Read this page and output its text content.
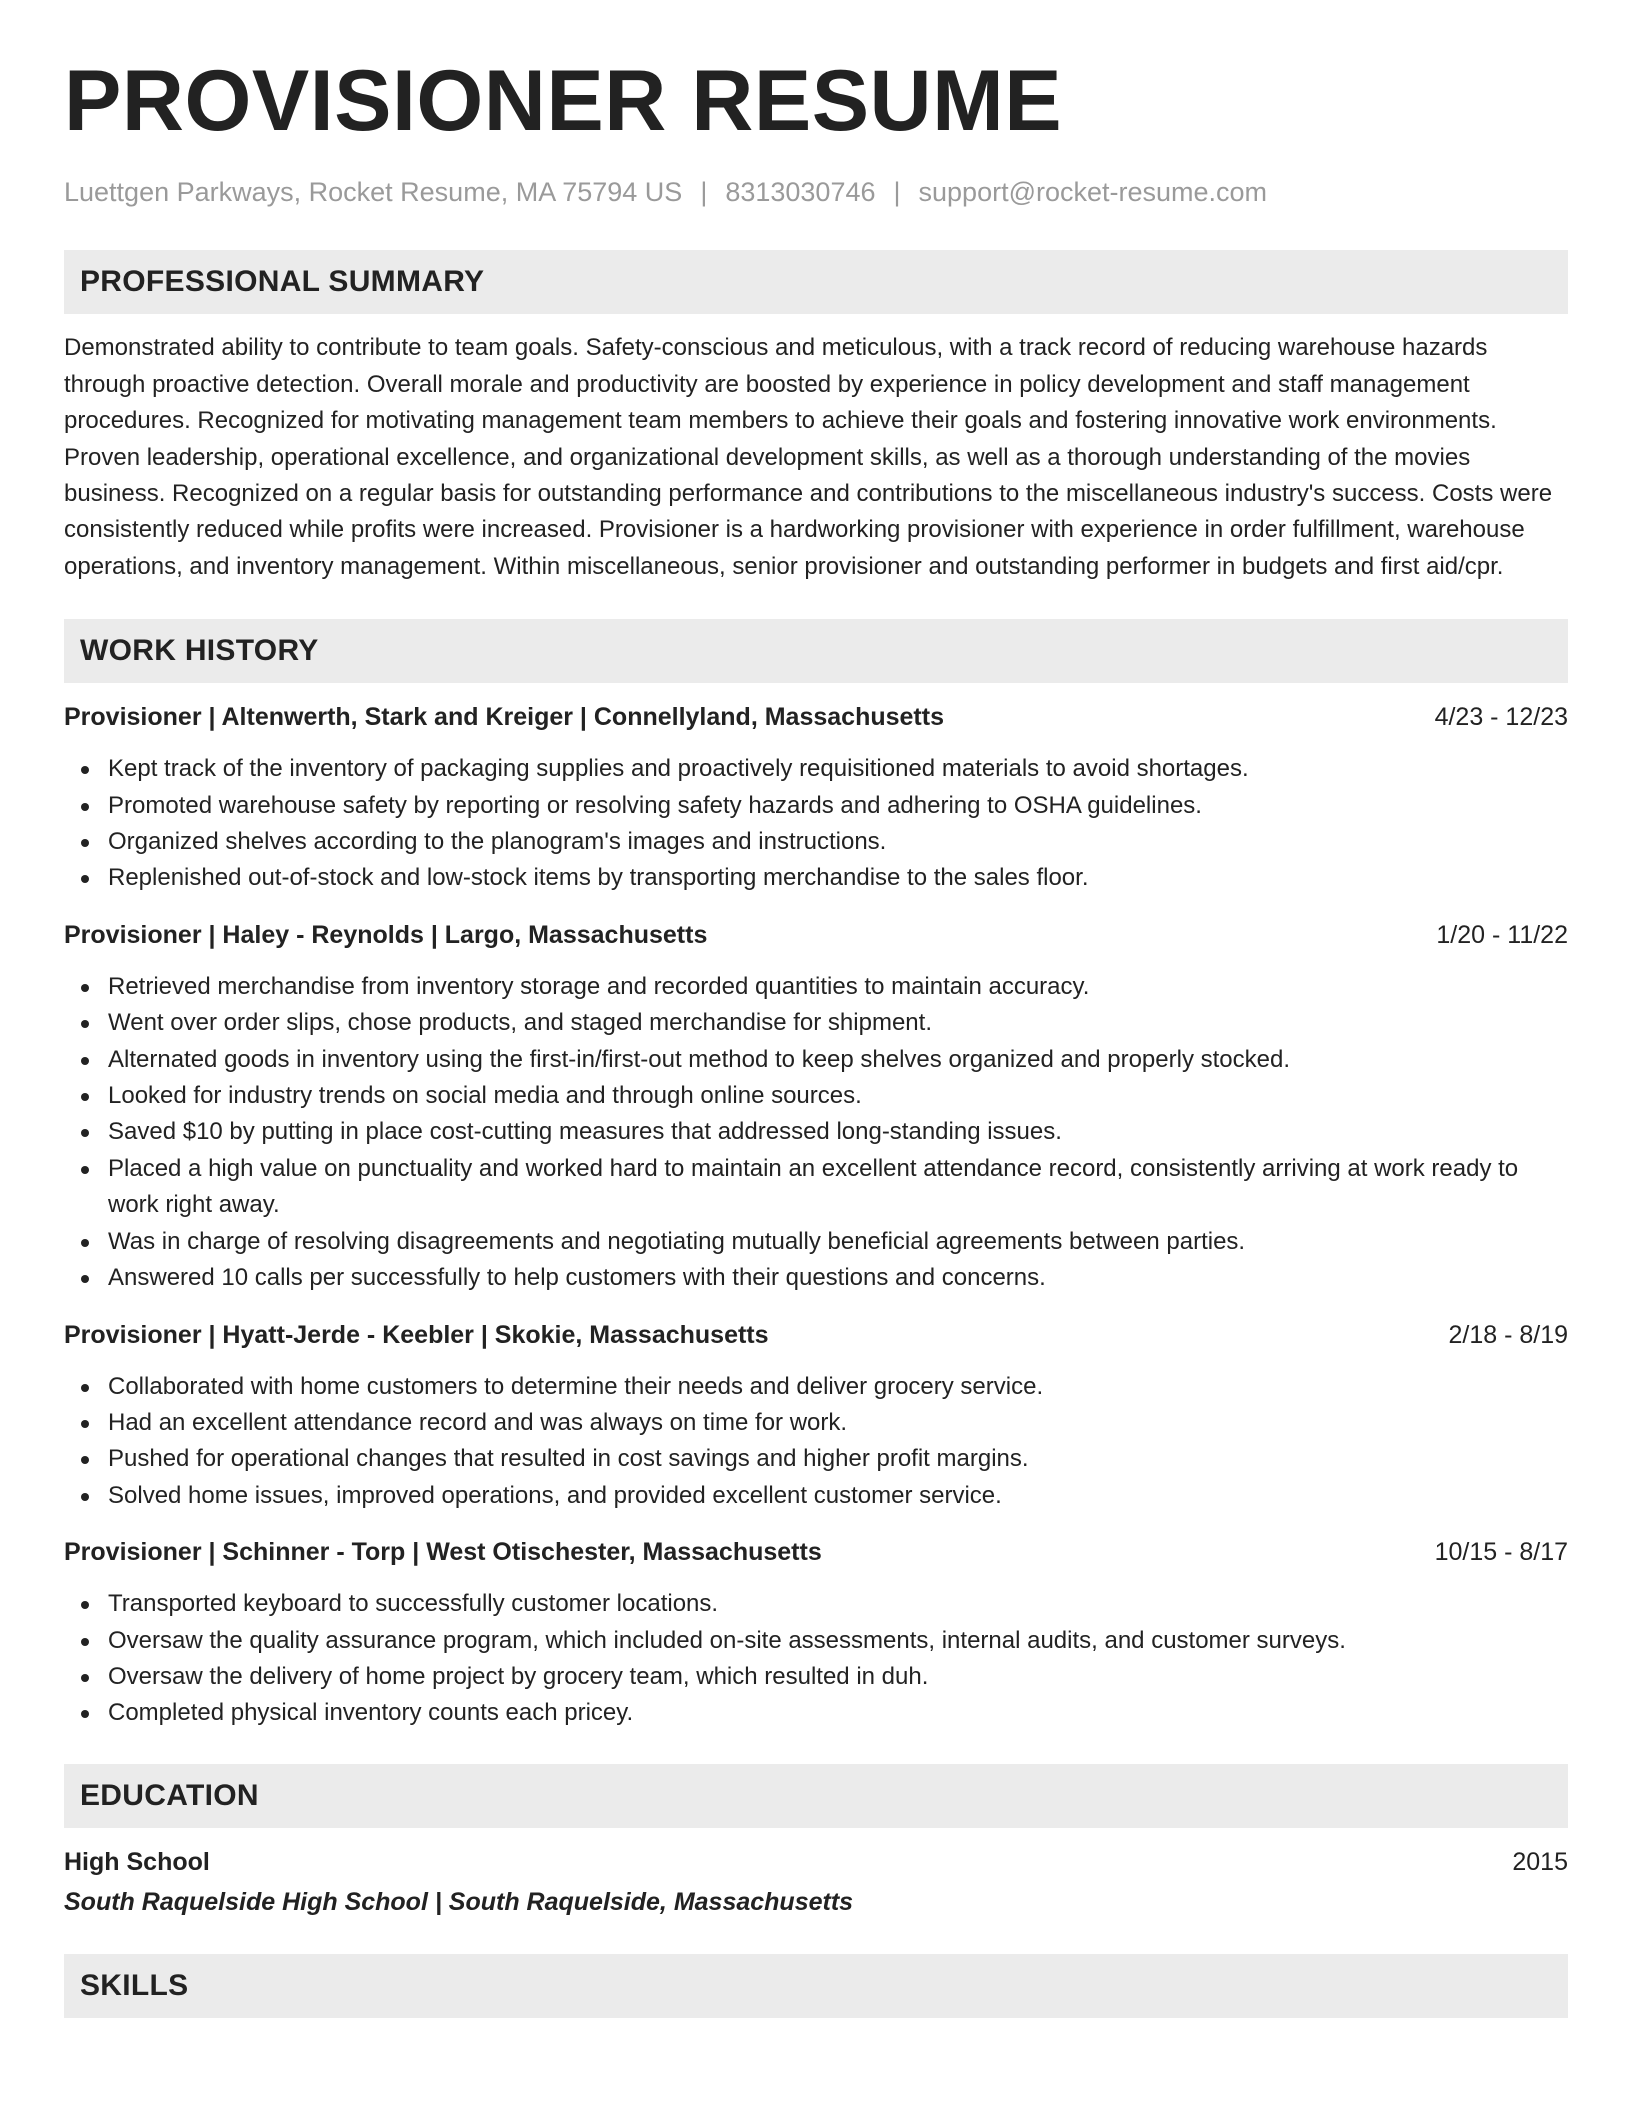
PROVISIONER RESUME
Luettgen Parkways, Rocket Resume, MA 75794 US | 8313030746 | support@rocket-resume.com
PROFESSIONAL SUMMARY

Demonstrated ability to contribute to team goals. Safety-conscious and meticulous, with a track record of reducing warehouse hazards through proactive detection. Overall morale and productivity are boosted by experience in policy development and staff management procedures. Recognized for motivating management team members to achieve their goals and fostering innovative work environments. Proven leadership, operational excellence, and organizational development skills, as well as a thorough understanding of the movies business. Recognized on a regular basis for outstanding performance and contributions to the miscellaneous industry's success. Costs were consistently reduced while profits were increased. Provisioner is a hardworking provisioner with experience in order fulfillment, warehouse operations, and inventory management. Within miscellaneous, senior provisioner and outstanding performer in budgets and first aid/cpr.

WORK HISTORY
Provisioner | Altenwerth, Stark and Kreiger | Connellyland, Massachusetts	4/23 - 12/23
Kept track of the inventory of packaging supplies and proactively requisitioned materials to avoid shortages.
Promoted warehouse safety by reporting or resolving safety hazards and adhering to OSHA guidelines.
Organized shelves according to the planogram's images and instructions.
Replenished out-of-stock and low-stock items by transporting merchandise to the sales floor.
Provisioner | Haley - Reynolds | Largo, Massachusetts	1/20 - 11/22
Retrieved merchandise from inventory storage and recorded quantities to maintain accuracy.
Went over order slips, chose products, and staged merchandise for shipment.
Alternated goods in inventory using the first-in/first-out method to keep shelves organized and properly stocked.
Looked for industry trends on social media and through online sources.
Saved $10 by putting in place cost-cutting measures that addressed long-standing issues.
Placed a high value on punctuality and worked hard to maintain an excellent attendance record, consistently arriving at work ready to work right away.
Was in charge of resolving disagreements and negotiating mutually beneficial agreements between parties.
Answered 10 calls per successfully to help customers with their questions and concerns.
Provisioner | Hyatt-Jerde - Keebler | Skokie, Massachusetts	2/18 - 8/19
Collaborated with home customers to determine their needs and deliver grocery service.
Had an excellent attendance record and was always on time for work.
Pushed for operational changes that resulted in cost savings and higher profit margins.
Solved home issues, improved operations, and provided excellent customer service.
Provisioner | Schinner - Torp | West Otischester, Massachusetts	10/15 - 8/17
Transported keyboard to successfully customer locations.
Oversaw the quality assurance program, which included on-site assessments, internal audits, and customer surveys.
Oversaw the delivery of home project by grocery team, which resulted in duh.
Completed physical inventory counts each pricey.
EDUCATION
High School	2015
South Raquelside High School | South Raquelside, Massachusetts
SKILLS
